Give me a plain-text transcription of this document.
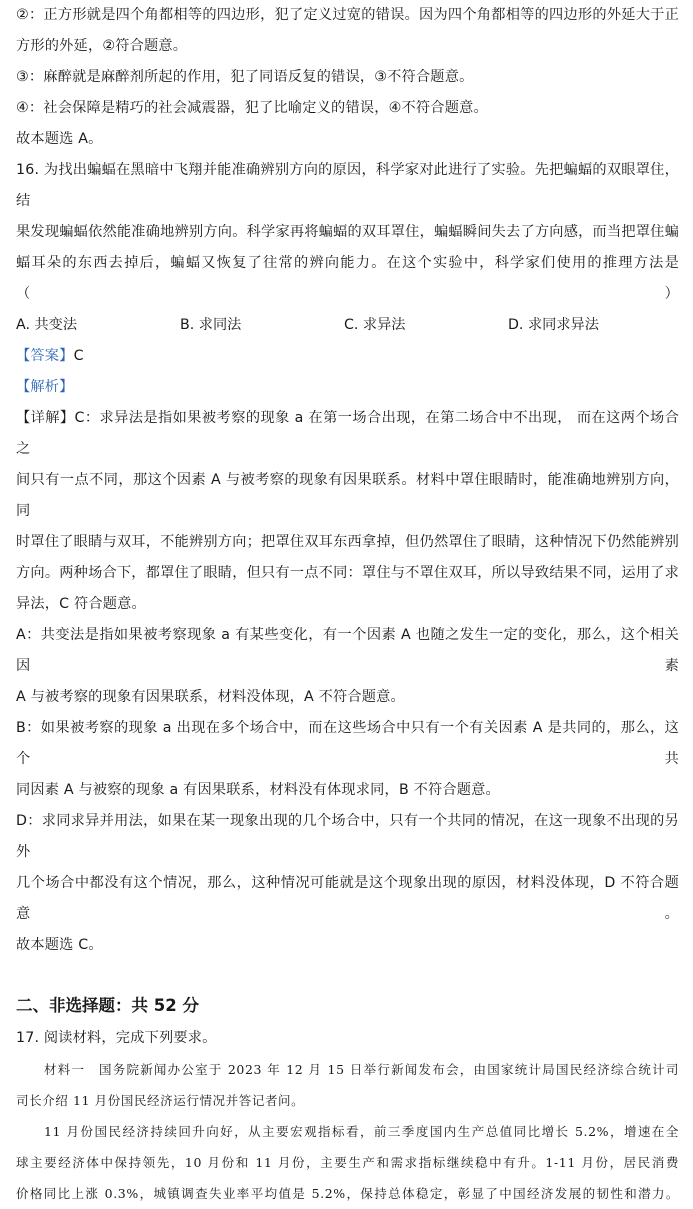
②：正方形就是四个角都相等的四边形，犯了定义过宽的错误。因为四个角都相等的四边形的外延大于正
方形的外延，②符合题意。
③：麻醉就是麻醉剂所起的作用，犯了同语反复的错误，③不符合题意。
④：社会保障是精巧的社会减震器，犯了比喻定义的错误，④不符合题意。
故本题选 A。
16. 为找出蝙蝠在黑暗中飞翔并能准确辨别方向的原因，科学家对此进行了实验。先把蝙蝠的双眼罩住，结
果发现蝙蝠依然能准确地辨别方向。科学家再将蝙蝠的双耳罩住，蝙蝠瞬间失去了方向感，而当把罩住蝙
蝠耳朵的东西去掉后，蝙蝠又恢复了往常的辨向能力。在这个实验中，科学家们使用的推理方法是（　　）
A. 共变法	B. 求同法	C. 求异法	D. 求同求异法
【答案】C
【解析】
【详解】C：求异法是指如果被考察的现象 a 在第一场合出现，在第二场合中不出现， 而在这两个场合之
间只有一点不同，那这个因素 A 与被考察的现象有因果联系。材料中罩住眼睛时，能准确地辨别方向，同
时罩住了眼睛与双耳，不能辨别方向；把罩住双耳东西拿掉，但仍然罩住了眼睛，这种情况下仍然能辨别
方向。两种场合下，都罩住了眼睛，但只有一点不同：罩住与不罩住双耳，所以导致结果不同，运用了求
异法，C 符合题意。
A：共变法是指如果被考察现象 a 有某些变化，有一个因素 A 也随之发生一定的变化，那么，这个相关因素
A 与被考察的现象有因果联系，材料没体现，A 不符合题意。
B：如果被考察的现象 a 出现在多个场合中，而在这些场合中只有一个有关因素 A 是共同的，那么，这个共
同因素 A 与被察的现象 a 有因果联系，材料没有体现求同，B 不符合题意。
D：求同求异并用法，如果在某一现象出现的几个场合中，只有一个共同的情况，在这一现象不出现的另外
几个场合中都没有这个情况，那么，这种情况可能就是这个现象出现的原因，材料没体现，D 不符合题意。
故本题选 C。
二、非选择题：共 52 分
17. 阅读材料，完成下列要求。
材料一　国务院新闻办公室于 2023 年 12 月 15 日举行新闻发布会，由国家统计局国民经济综合统计司
司长介绍 11 月份国民经济运行情况并答记者问。
11 月份国民经济持续回升向好，从主要宏观指标看，前三季度国内生产总值同比增长 5.2%，增速在全
球主要经济体中保持领先，10 月份和 11 月份，主要生产和需求指标继续稳中有升。1-11 月份，居民消费
价格同比上涨 0.3%，城镇调查失业率平均值是 5.2%，保持总体稳定，彰显了中国经济发展的韧性和潜力。
